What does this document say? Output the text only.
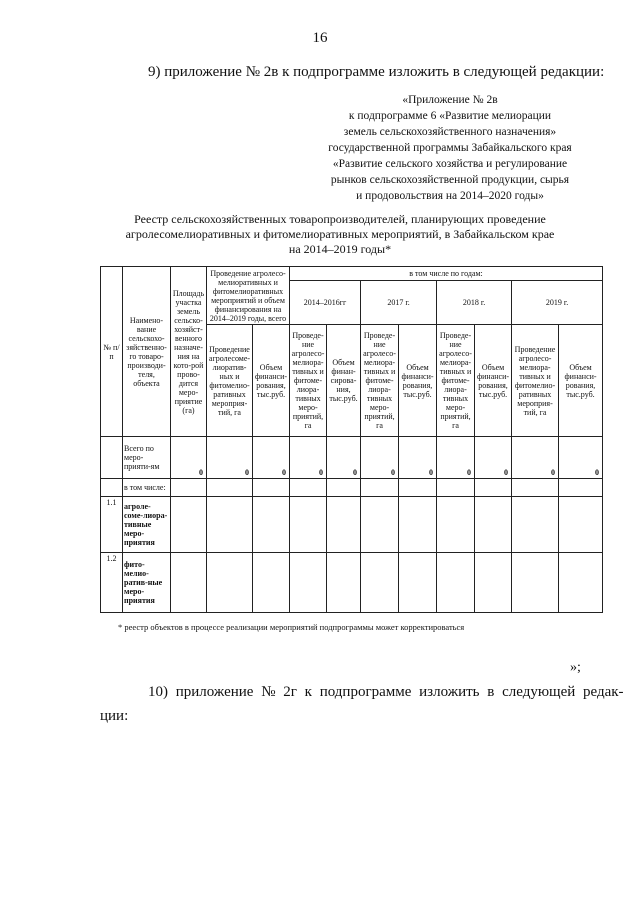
16
9) приложение № 2в к подпрограмме изложить в следующей редакции:
«Приложение № 2в
к подпрограмме 6 «Развитие мелиорации
земель сельскохозяйственного назначения»
государственной программы Забайкальского края
«Развитие сельского хозяйства и регулирование
рынков сельскохозяйственной продукции, сырья
и продовольствия на 2014–2020 годы»
Реестр сельскохозяйственных товаропроизводителей, планирующих проведение
агролесомелиоративных и фитомелиоративных мероприятий, в Забайкальском крае
на 2014–2019 годы*
№ п/п	Наимено-вание сельскохо-зяйственно-го товаро-производи-теля, объекта	Площадь участка земель сельско-хозяйст-венного назначе-ния на кото-рой прово-дится меро-приятие (га)	Проведение агролесо-мелиоративных и фитомелиоративных мероприятий и объем финансирования на 2014–2019 годы, всего		в том числе по годам:							
					2014–2016гг		2017 г.		2018 г.		2019 г.	
			Проведение агролесоме-лиоратив-ных и фитомелио-ративных мероприя-тий, га	Объем финанси-рования, тыс.руб.	Проведе-ние агролесо-мелиора-тивных и фитоме-лиора-тивных меро-приятий, га	Объем финан-сирова-ния, тыс.руб.	Проведе-ние агролесо-мелиора-тивных и фитоме-лиора-тивных меро-приятий, га	Объем финанси-рования, тыс.руб.	Проведе-ние агролесо-мелиора-тивных и фитоме-лиора-тивных меро-приятий, га	Объем финанси-рования, тыс.руб.	Проведение агролесо-мелиора-тивных и фитомелио-ративных мероприя-тий, га	Объем финанси-рования, тыс.руб.
	Всего по меро-прияти-ям	0	0	0	0	0	0	0	0	0	0	0
	в том числе:											
1.1	агроле-соме-лиора-тивные меро-приятия											
1.2	фито-мелио-ратив-ные меро-приятия											
* реестр объектов в процессе реализации мероприятий подпрограммы может корректироваться
»;
10) приложение № 2г к подпрограмме изложить в следующей редак-
ции:
